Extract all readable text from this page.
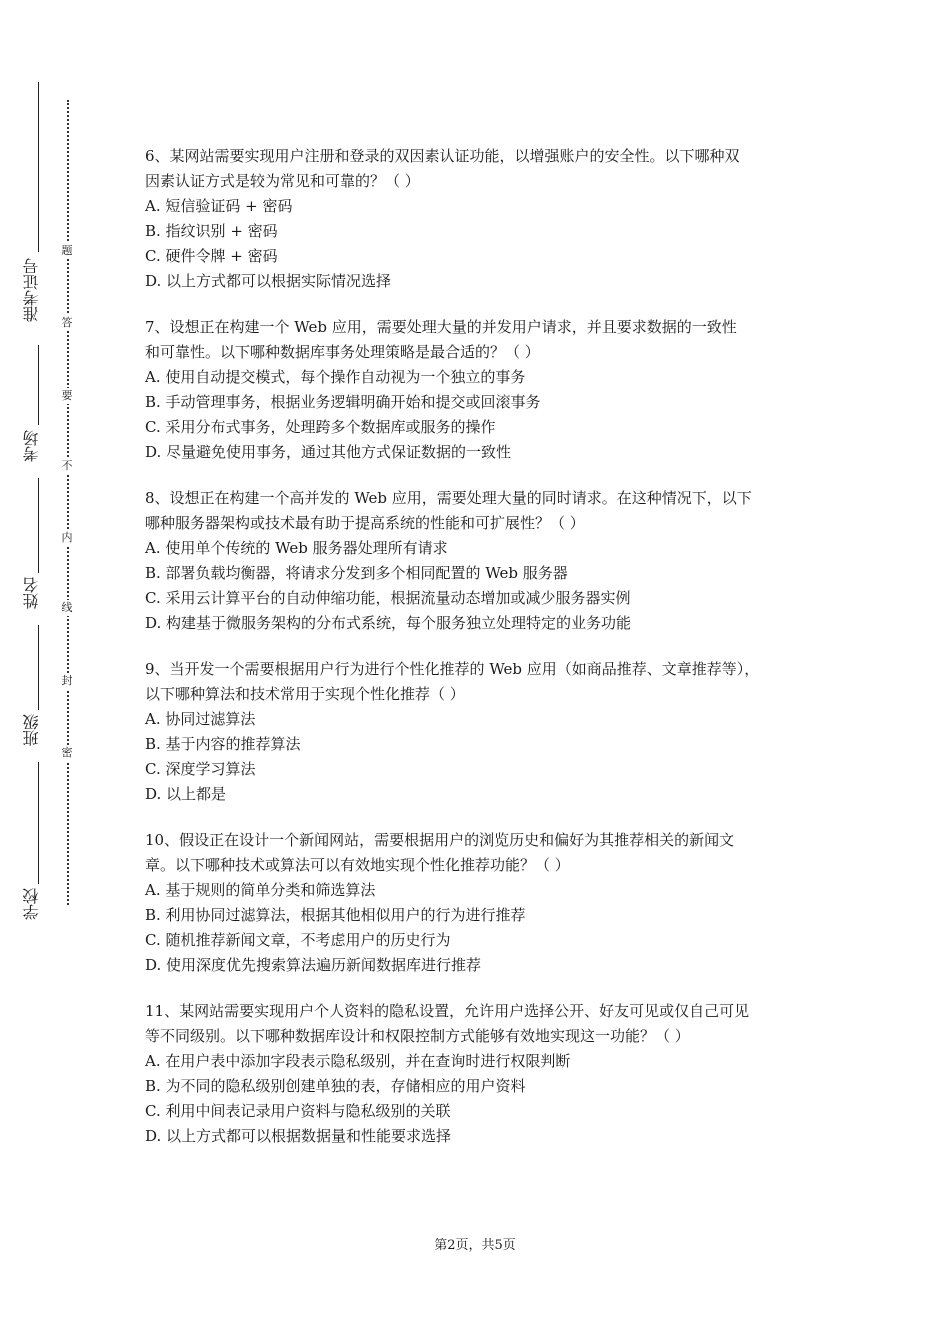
准考证号
考场
姓名
班级
学校
题
答
要
不
内
线
封
密
6、某网站需要实现用户注册和登录的双因素认证功能，以增强账户的安全性。以下哪种双
因素认证方式是较为常见和可靠的？（ ）
A. 短信验证码 + 密码
B. 指纹识别 + 密码
C. 硬件令牌 + 密码
D. 以上方式都可以根据实际情况选择
7、设想正在构建一个 Web 应用，需要处理大量的并发用户请求，并且要求数据的一致性
和可靠性。以下哪种数据库事务处理策略是最合适的？（ ）
A. 使用自动提交模式，每个操作自动视为一个独立的事务
B. 手动管理事务，根据业务逻辑明确开始和提交或回滚事务
C. 采用分布式事务，处理跨多个数据库或服务的操作
D. 尽量避免使用事务，通过其他方式保证数据的一致性
8、设想正在构建一个高并发的 Web 应用，需要处理大量的同时请求。在这种情况下，以下
哪种服务器架构或技术最有助于提高系统的性能和可扩展性？（ ）
A. 使用单个传统的 Web 服务器处理所有请求
B. 部署负载均衡器，将请求分发到多个相同配置的 Web 服务器
C. 采用云计算平台的自动伸缩功能，根据流量动态增加或减少服务器实例
D. 构建基于微服务架构的分布式系统，每个服务独立处理特定的业务功能
9、当开发一个需要根据用户行为进行个性化推荐的 Web 应用（如商品推荐、文章推荐等），
以下哪种算法和技术常用于实现个性化推荐（ ）
A. 协同过滤算法
B. 基于内容的推荐算法
C. 深度学习算法
D. 以上都是
10、假设正在设计一个新闻网站，需要根据用户的浏览历史和偏好为其推荐相关的新闻文
章。以下哪种技术或算法可以有效地实现个性化推荐功能？（ ）
A. 基于规则的简单分类和筛选算法
B. 利用协同过滤算法，根据其他相似用户的行为进行推荐
C. 随机推荐新闻文章，不考虑用户的历史行为
D. 使用深度优先搜索算法遍历新闻数据库进行推荐
11、某网站需要实现用户个人资料的隐私设置，允许用户选择公开、好友可见或仅自己可见
等不同级别。以下哪种数据库设计和权限控制方式能够有效地实现这一功能？（ ）
A. 在用户表中添加字段表示隐私级别，并在查询时进行权限判断
B. 为不同的隐私级别创建单独的表，存储相应的用户资料
C. 利用中间表记录用户资料与隐私级别的关联
D. 以上方式都可以根据数据量和性能要求选择
第2页，共5页
